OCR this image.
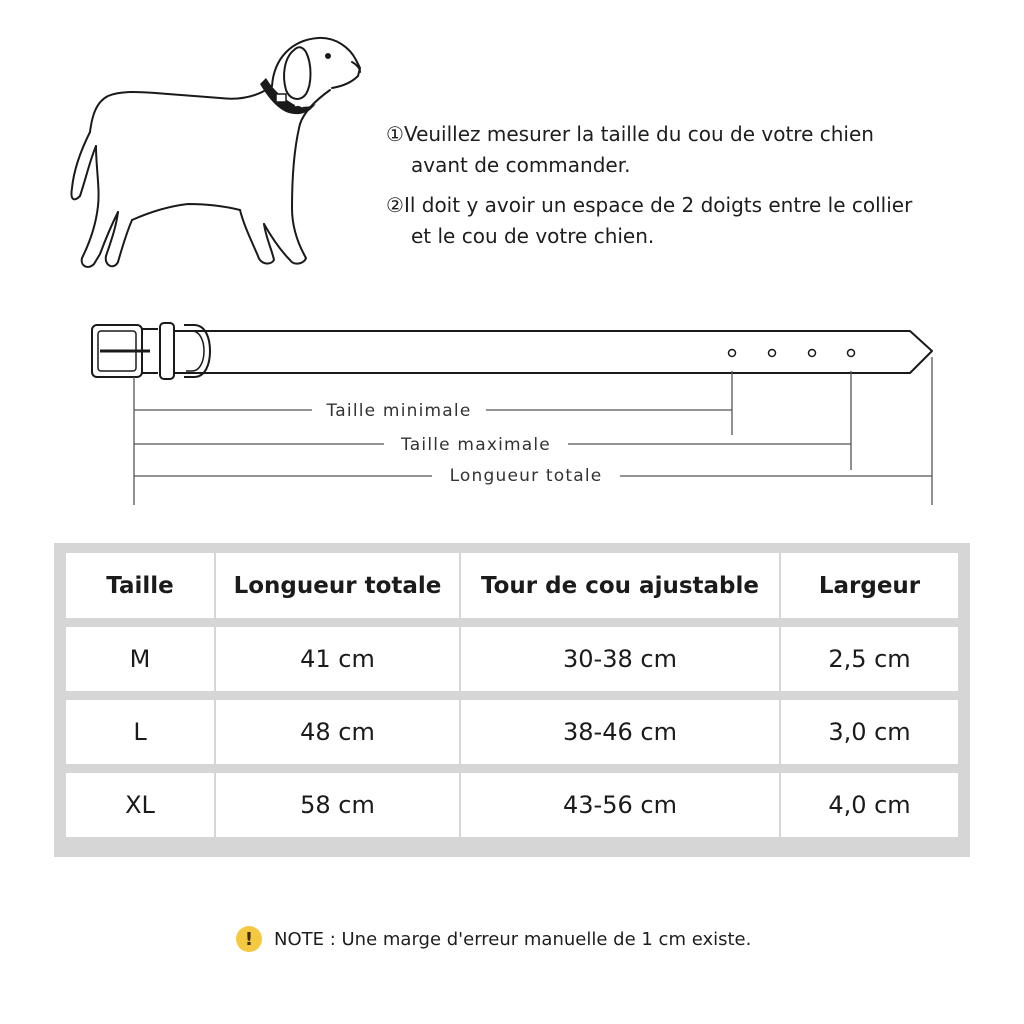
①Veuillez mesurer la taille du cou de votre chien
avant de commander.
②Il doit y avoir un espace de 2 doigts entre le collier
et le cou de votre chien.
Taille minimale
Taille maximale
Longueur totale
Taille	Longueur totale	Tour de cou ajustable	Largeur
M	41 cm	30-38 cm	2,5 cm
L	48 cm	38-46 cm	3,0 cm
XL	58 cm	43-56 cm	4,0 cm
!	NOTE : Une marge d'erreur manuelle de 1 cm existe.
